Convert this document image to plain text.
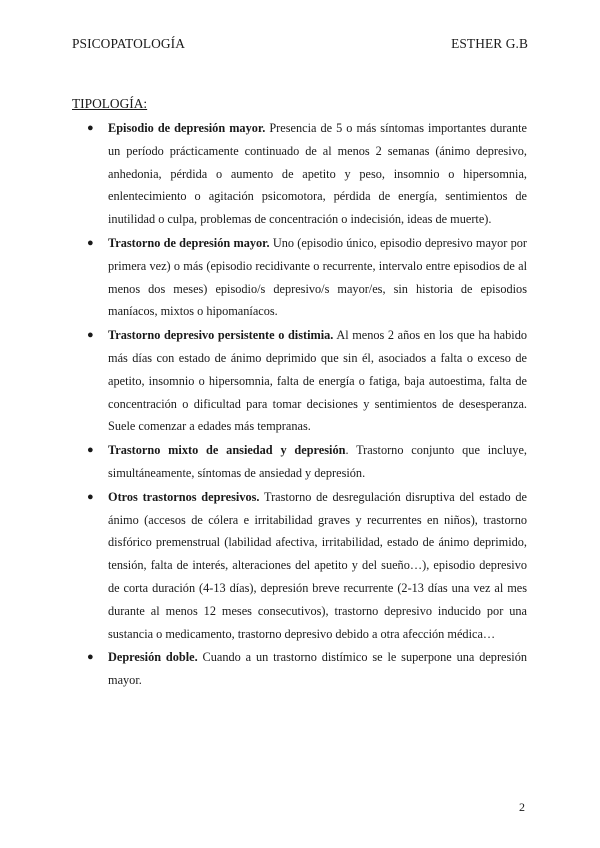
PSICOPATOLOGÍA	ESTHER G.B
TIPOLOGÍA:
●	Episodio de depresión mayor. Presencia de 5 o más síntomas importantes durante un período prácticamente continuado de al menos 2 semanas (ánimo depresivo, anhedonia, pérdida o aumento de apetito y peso, insomnio o hipersomnia, enlentecimiento o agitación psicomotora, pérdida de energía, sentimientos de inutilidad o culpa, problemas de concentración o indecisión, ideas de muerte).
●	Trastorno de depresión mayor. Uno (episodio único, episodio depresivo mayor por primera vez) o más (episodio recidivante o recurrente, intervalo entre episodios de al menos dos meses) episodio/s depresivo/s mayor/es, sin historia de episodios maníacos, mixtos o hipomaníacos.
●	Trastorno depresivo persistente o distimia. Al menos 2 años en los que ha habido más días con estado de ánimo deprimido que sin él, asociados a falta o exceso de apetito, insomnio o hipersomnia, falta de energía o fatiga, baja autoestima, falta de concentración o dificultad para tomar decisiones y sentimientos de desesperanza. Suele comenzar a edades más tempranas.
●	Trastorno mixto de ansiedad y depresión. Trastorno conjunto que incluye, simultáneamente, síntomas de ansiedad y depresión.
●	Otros trastornos depresivos. Trastorno de desregulación disruptiva del estado de ánimo (accesos de cólera e irritabilidad graves y recurrentes en niños), trastorno disfórico premenstrual (labilidad afectiva, irritabilidad, estado de ánimo deprimido, tensión, falta de interés, alteraciones del apetito y del sueño…), episodio depresivo de corta duración (4-13 días), depresión breve recurrente (2-13 días una vez al mes durante al menos 12 meses consecutivos), trastorno depresivo inducido por una sustancia o medicamento, trastorno depresivo debido a otra afección médica…
●	Depresión doble. Cuando a un trastorno distímico se le superpone una depresión mayor.
2
